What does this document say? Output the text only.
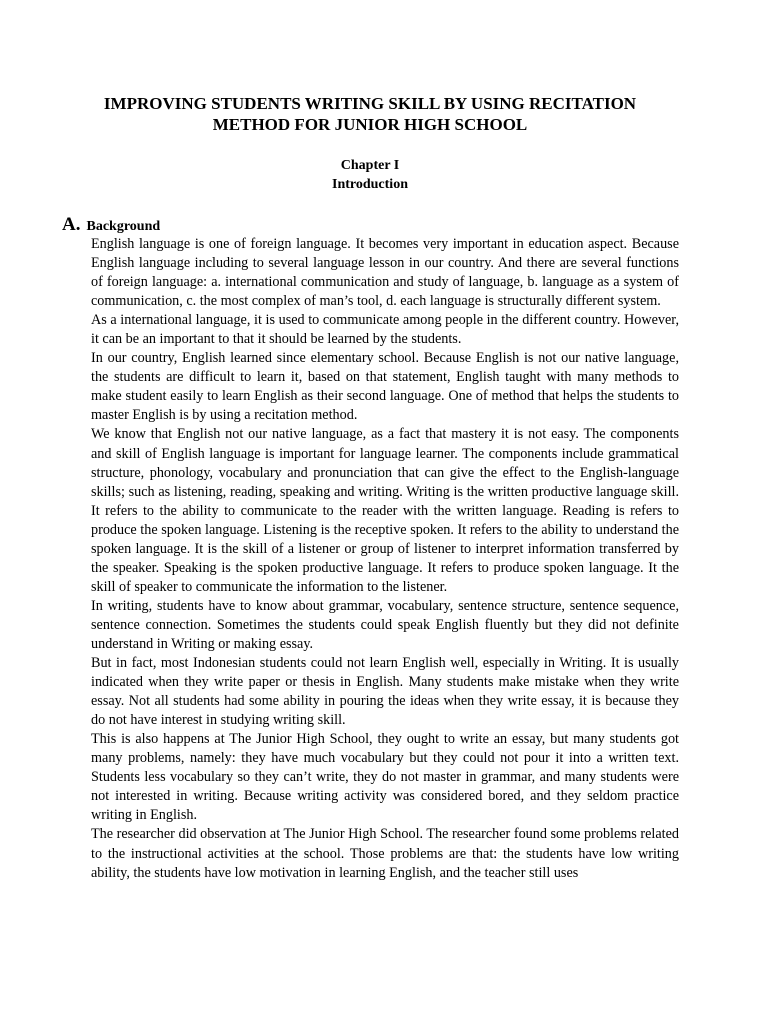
IMPROVING STUDENTS WRITING SKILL BY USING RECITATION
METHOD FOR JUNIOR HIGH SCHOOL
Chapter I
Introduction
A. Background

English language is one of foreign language. It becomes very important in education aspect. Because English language including to several language lesson in our country. And there are several functions of foreign language: a. international communication and study of language, b. language as a system of communication, c. the most complex of man’s tool, d. each language is structurally different system.

As a international language, it is used to communicate among people in the different country. However, it can be an important to that it should be learned by the students.

In our country, English learned since elementary school. Because English is not our native language, the students are difficult to learn it, based on that statement, English taught with many methods to make student easily to learn English as their second language. One of method that helps the students to master English is by using a recitation method.

We know that English not our native language, as a fact that mastery it is not easy. The components and skill of English language is important for language learner. The components include grammatical structure, phonology, vocabulary and pronunciation that can give the effect to the English-language skills; such as listening, reading, speaking and writing. Writing is the written productive language skill. It refers to the ability to communicate to the reader with the written language. Reading is refers to produce the spoken language. Listening is the receptive spoken. It refers to the ability to understand the spoken language. It is the skill of a listener or group of listener to interpret information transferred by the speaker. Speaking is the spoken productive language. It refers to produce spoken language. It the skill of speaker to communicate the information to the listener.

In writing, students have to know about grammar, vocabulary, sentence structure, sentence sequence, sentence connection. Sometimes the students could speak English fluently but they did not definite understand in Writing or making essay.

But in fact, most Indonesian students could not learn English well, especially in Writing. It is usually indicated when they write paper or thesis in English. Many students make mistake when they write essay. Not all students had some ability in pouring the ideas when they write essay, it is because they do not have interest in studying writing skill.

This is also happens at The Junior High School, they ought to write an essay, but many students got many problems, namely: they have much vocabulary but they could not pour it into a written text. Students less vocabulary so they can’t write, they do not master in grammar, and many students were not interested in writing. Because writing activity was considered bored, and they seldom practice writing in English.

The researcher did observation at The Junior High School. The researcher found some problems related to the instructional activities at the school. Those problems are that: the students have low writing ability, the students have low motivation in learning English, and the teacher still uses
